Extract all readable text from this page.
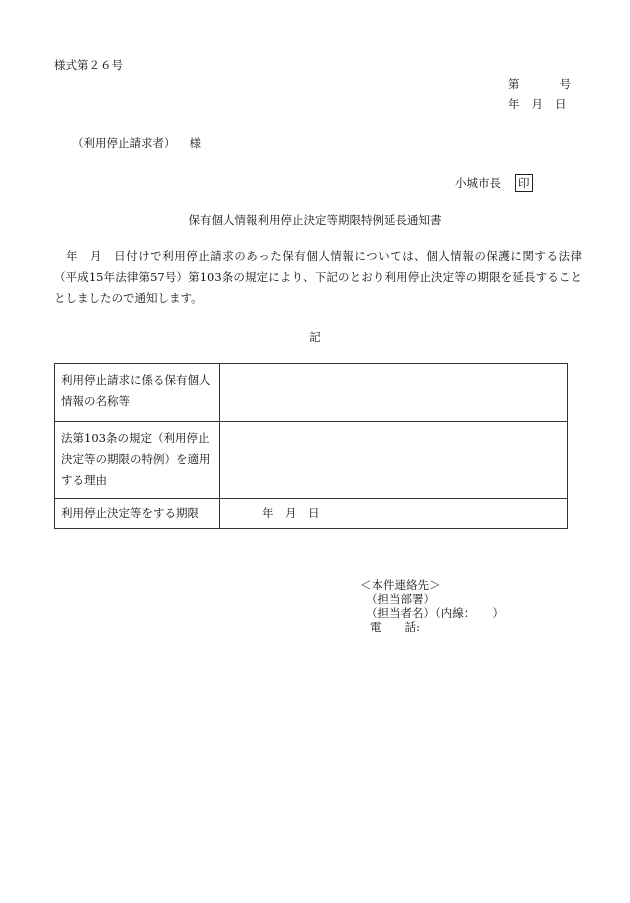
様式第２６号
第	号
年 月 日
（利用停止請求者） 様
小城市長 印
保有個人情報利用停止決定等期限特例延長通知書
　年　月　日付けで利用停止請求のあった保有個人情報については、個人情報の保護に関する法律（平成15年法律第57号）第103条の規定により、下記のとおり利用停止決定等の期限を延長することとしましたので通知します。
記
利用停止請求に係る保有個人情報の名称等	
法第103条の規定（利用停止決定等の期限の特例）を適用する理由	
利用停止決定等をする期限	年　月　日
＜本件連絡先＞
（担当部署）
（担当者名）（内線：　　）
電　　話:
